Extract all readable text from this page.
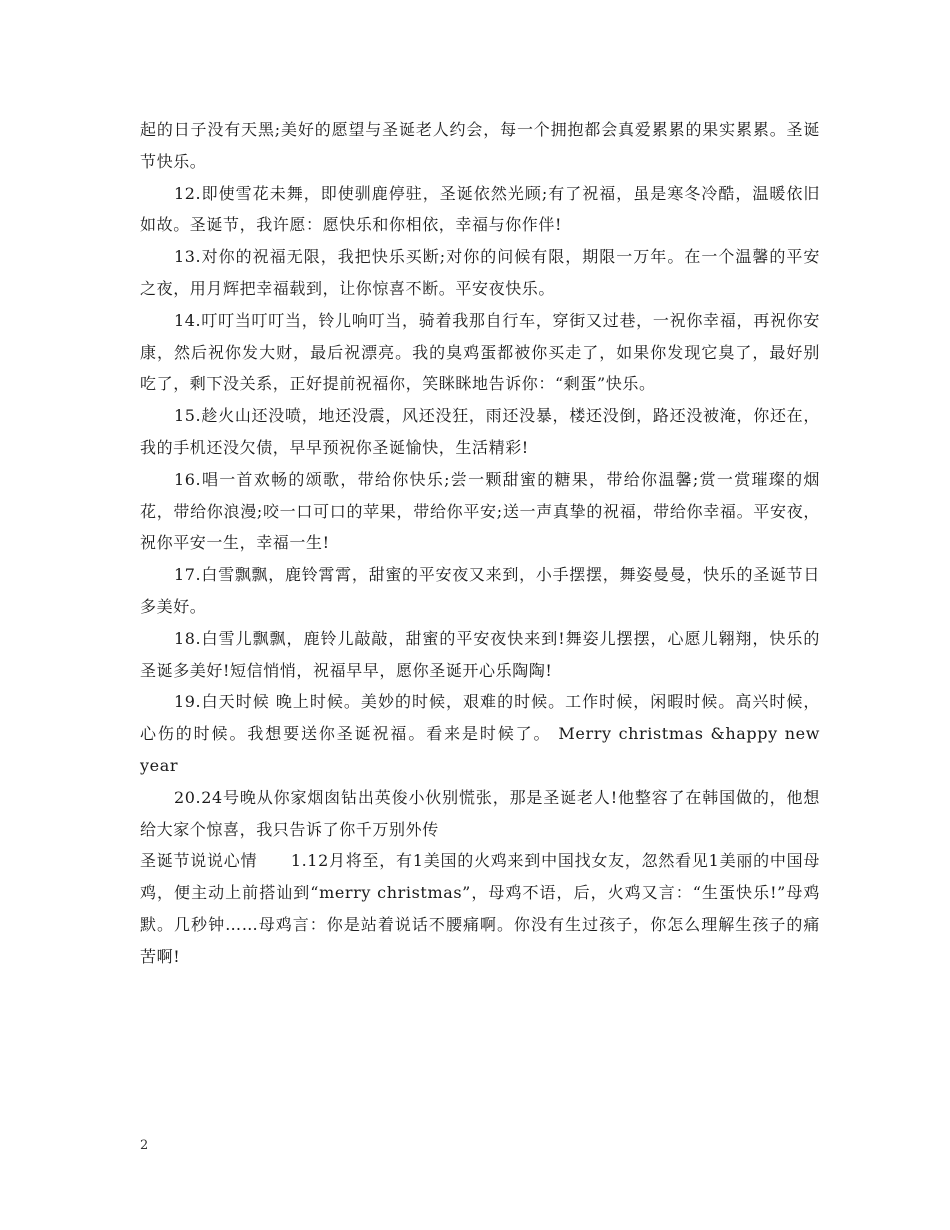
起的日子没有天黑;美好的愿望与圣诞老人约会，每一个拥抱都会真爱累累的果实累累。圣诞节快乐。

12.即使雪花未舞，即使驯鹿停驻，圣诞依然光顾;有了祝福，虽是寒冬冷酷，温暖依旧如故。圣诞节，我许愿：愿快乐和你相依，幸福与你作伴!

13.对你的祝福无限，我把快乐买断;对你的问候有限，期限一万年。在一个温馨的平安之夜，用月辉把幸福载到，让你惊喜不断。平安夜快乐。

14.叮叮当叮叮当，铃儿响叮当，骑着我那自行车，穿街又过巷，一祝你幸福，再祝你安康，然后祝你发大财，最后祝漂亮。我的臭鸡蛋都被你买走了，如果你发现它臭了，最好别吃了，剩下没关系，正好提前祝福你，笑眯眯地告诉你：“剩蛋”快乐。

15.趁火山还没喷，地还没震，风还没狂，雨还没暴，楼还没倒，路还没被淹，你还在，我的手机还没欠债，早早预祝你圣诞愉快，生活精彩!

16.唱一首欢畅的颂歌，带给你快乐;尝一颗甜蜜的糖果，带给你温馨;赏一赏璀璨的烟花，带给你浪漫;咬一口可口的苹果，带给你平安;送一声真挚的祝福，带给你幸福。平安夜，祝你平安一生，幸福一生!

17.白雪飘飘，鹿铃霄霄，甜蜜的平安夜又来到，小手摆摆，舞姿曼曼，快乐的圣诞节日多美好。

18.白雪儿飘飘，鹿铃儿敲敲，甜蜜的平安夜快来到!舞姿儿摆摆，心愿儿翱翔，快乐的圣诞多美好!短信悄悄，祝福早早，愿你圣诞开心乐陶陶!

19.白天时候 晚上时候。美妙的时候，艰难的时候。工作时候，闲暇时候。高兴时候，心伤的时候。我想要送你圣诞祝福。看来是时候了。 Merry christmas &happy new year

20.24号晚从你家烟囱钻出英俊小伙别慌张，那是圣诞老人!他整容了在韩国做的，他想给大家个惊喜，我只告诉了你千万别外传

圣诞节说说心情　　1.12月将至，有1美国的火鸡来到中国找女友，忽然看见1美丽的中国母鸡，便主动上前搭讪到“merry christmas”，母鸡不语，后，火鸡又言：“生蛋快乐!”母鸡默。几秒钟……母鸡言：你是站着说话不腰痛啊。你没有生过孩子，你怎么理解生孩子的痛苦啊!

2
